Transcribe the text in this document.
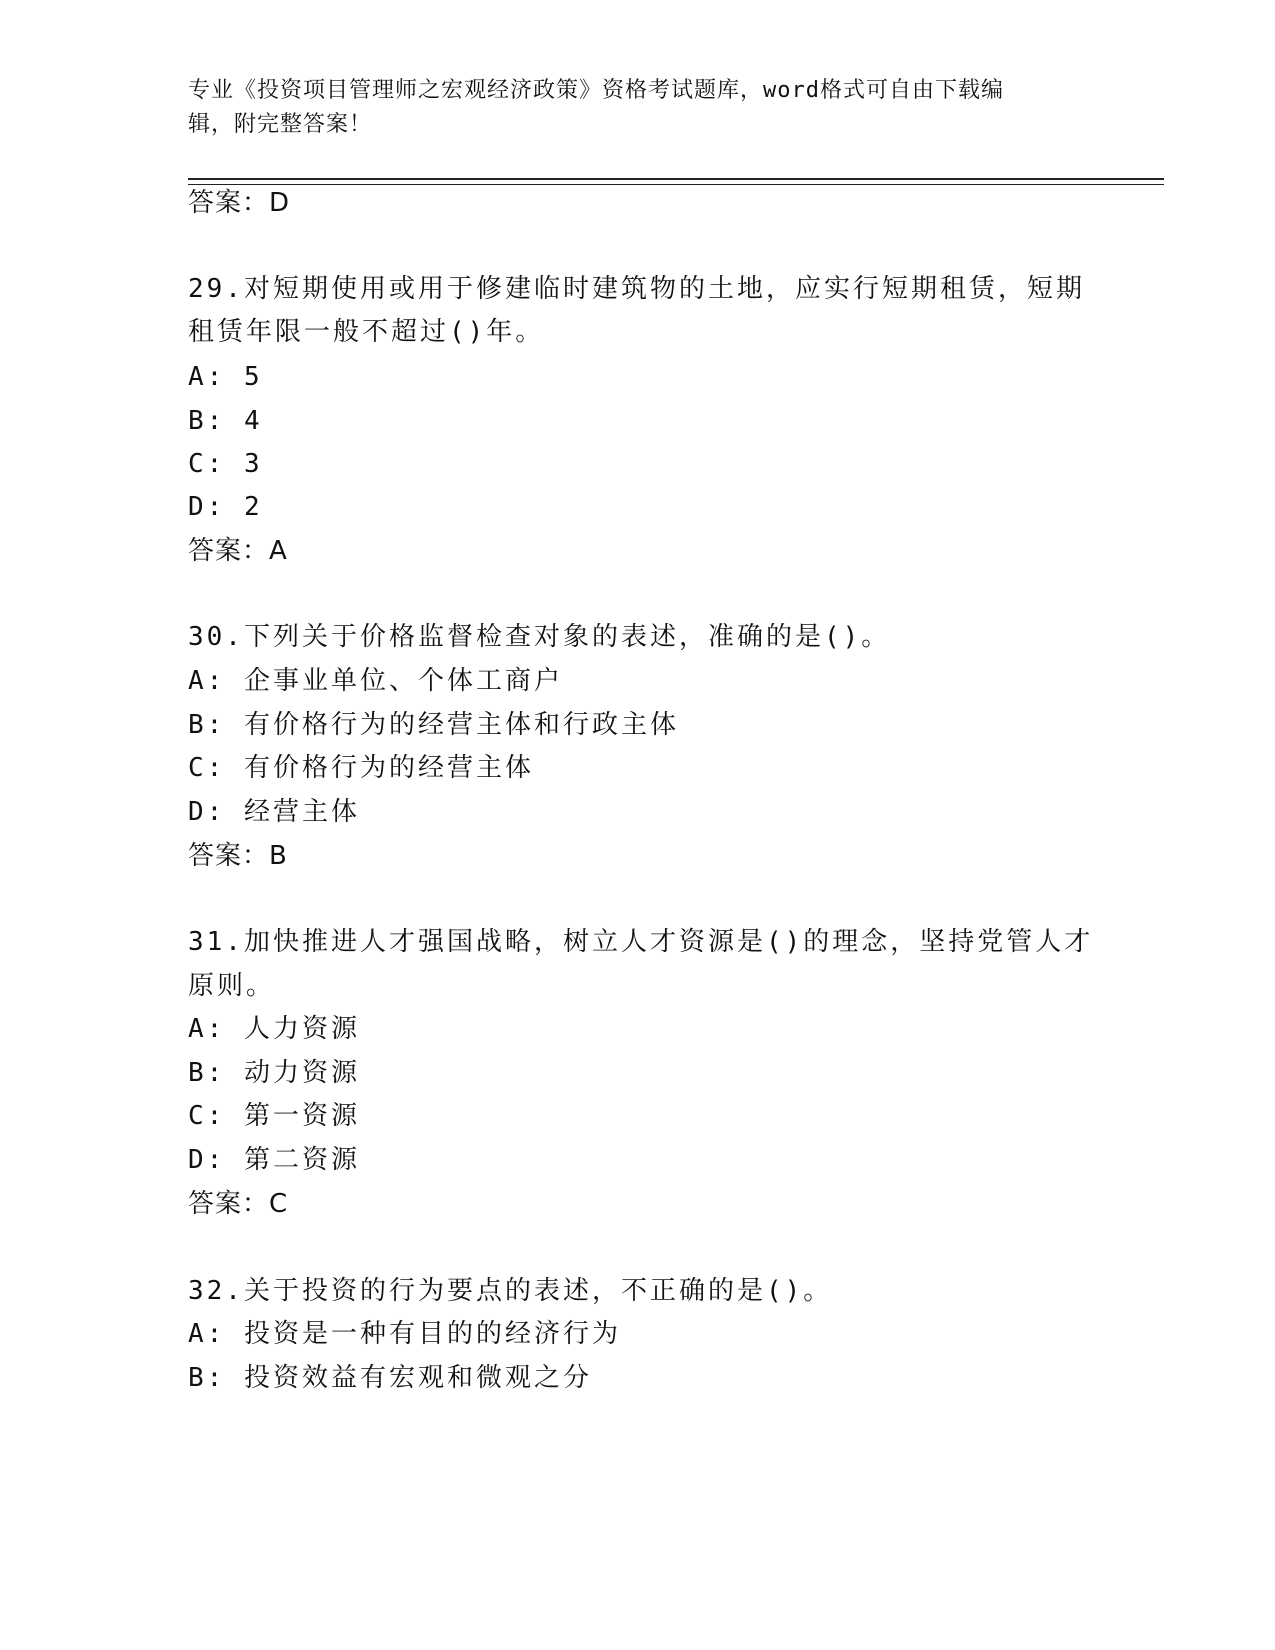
专业《投资项目管理师之宏观经济政策》资格考试题库，word格式可自由下载编
辑，附完整答案！
答案：D
29.对短期使用或用于修建临时建筑物的土地，应实行短期租赁，短期
租赁年限一般不超过()年。
A: 5
B: 4
C: 3
D: 2
答案：A
30.下列关于价格监督检查对象的表述，准确的是()。
A: 企事业单位、个体工商户
B: 有价格行为的经营主体和行政主体
C: 有价格行为的经营主体
D: 经营主体
答案：B
31.加快推进人才强国战略，树立人才资源是()的理念，坚持党管人才
原则。
A: 人力资源
B: 动力资源
C: 第一资源
D: 第二资源
答案：C
32.关于投资的行为要点的表述，不正确的是()。
A: 投资是一种有目的的经济行为
B: 投资效益有宏观和微观之分
